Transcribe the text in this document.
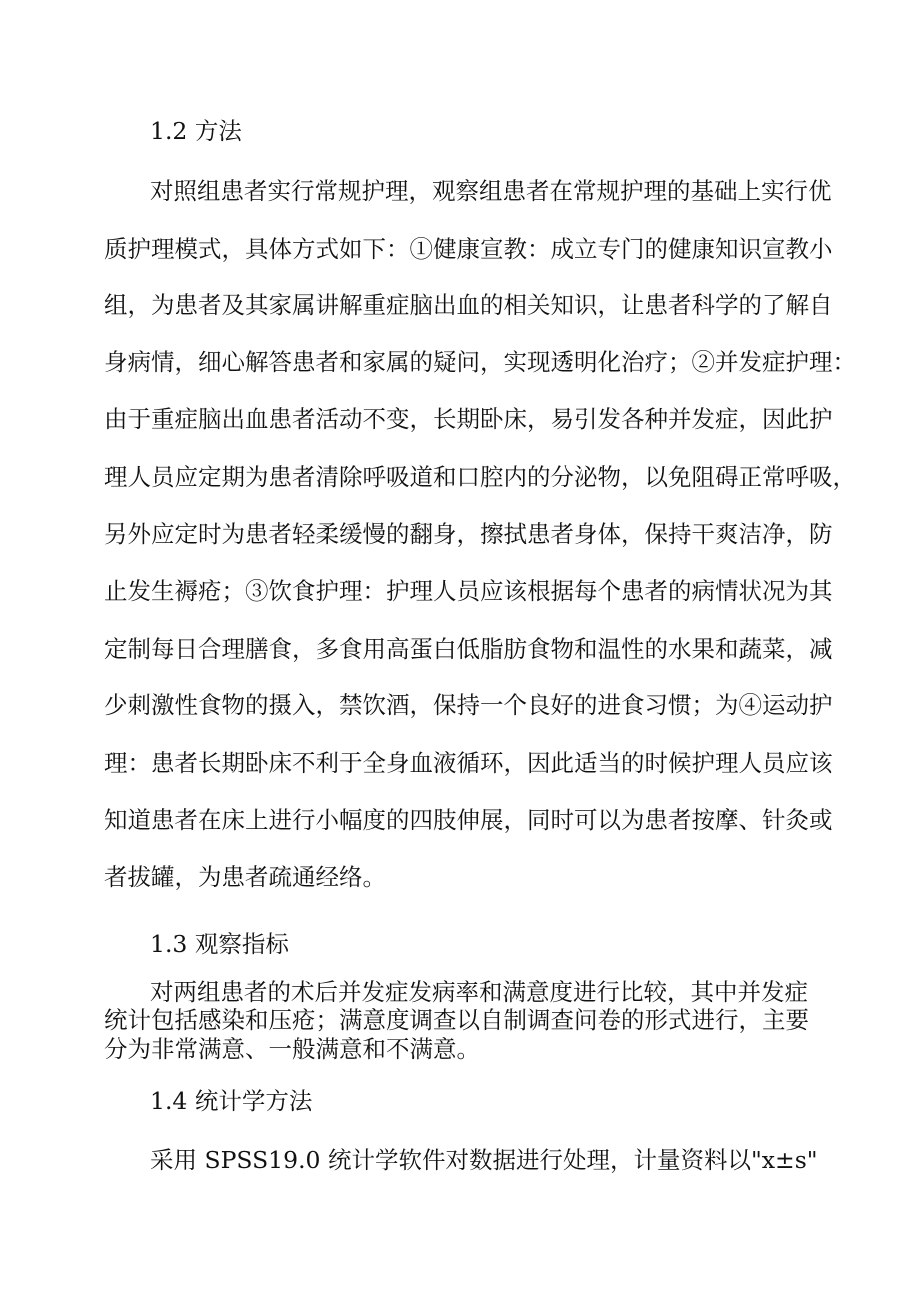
1.2 方法
对照组患者实行常规护理，观察组患者在常规护理的基础上实行优
质护理模式，具体方式如下：①健康宣教：成立专门的健康知识宣教小
组，为患者及其家属讲解重症脑出血的相关知识，让患者科学的了解自
身病情，细心解答患者和家属的疑问，实现透明化治疗；②并发症护理：
由于重症脑出血患者活动不变，长期卧床，易引发各种并发症，因此护
理人员应定期为患者清除呼吸道和口腔内的分泌物，以免阻碍正常呼吸，
另外应定时为患者轻柔缓慢的翻身，擦拭患者身体，保持干爽洁净，防
止发生褥疮；③饮食护理：护理人员应该根据每个患者的病情状况为其
定制每日合理膳食，多食用高蛋白低脂肪食物和温性的水果和蔬菜，减
少刺激性食物的摄入，禁饮酒，保持一个良好的进食习惯；为④运动护
理：患者长期卧床不利于全身血液循环，因此适当的时候护理人员应该
知道患者在床上进行小幅度的四肢伸展，同时可以为患者按摩、针灸或
者拔罐，为患者疏通经络。
1.3 观察指标
对两组患者的术后并发症发病率和满意度进行比较，其中并发症
统计包括感染和压疮；满意度调查以自制调查问卷的形式进行，主要
分为非常满意、一般满意和不满意。
1.4 统计学方法
采用 SPSS19.0 统计学软件对数据进行处理，计量资料以"x±s"
